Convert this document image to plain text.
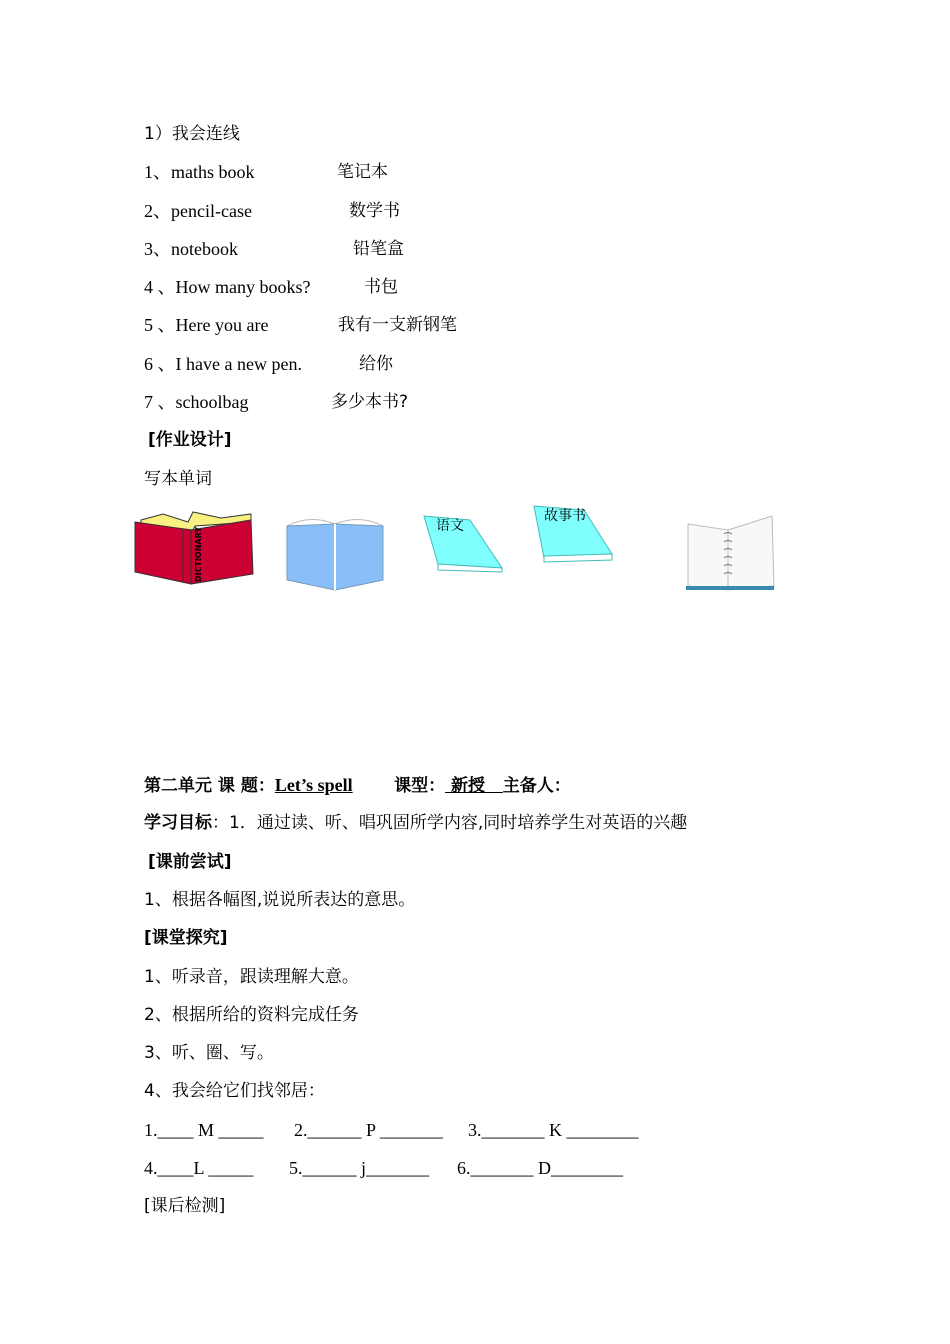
1）我会连线
1、maths book	笔记本
2、pencil-case	数学书
3、notebook	铅笔盒
4 、How many books?	书包
5 、Here you are	我有一支新钢笔
6 、I have a new pen.	给你
7 、schoolbag	多少本书?
[作业设计]
写本单词
DICTIONARY
语文
故事书
第二单元 课 题：Let’s spell 课型： 新授 主备人：
学习目标：1．通过读、听、唱巩固所学内容,同时培养学生对英语的兴趣
[课前尝试]
1、根据各幅图,说说所表达的意思。
[课堂探究]
1、听录音，跟读理解大意。
2、根据所给的资料完成任务
3、听、圈、写。
4、我会给它们找邻居：
1.____ M _____ 2.______ P _______ 3._______ K ________
4.____L _____ 5.______ j_______ 6._______ D________
[课后检测]
